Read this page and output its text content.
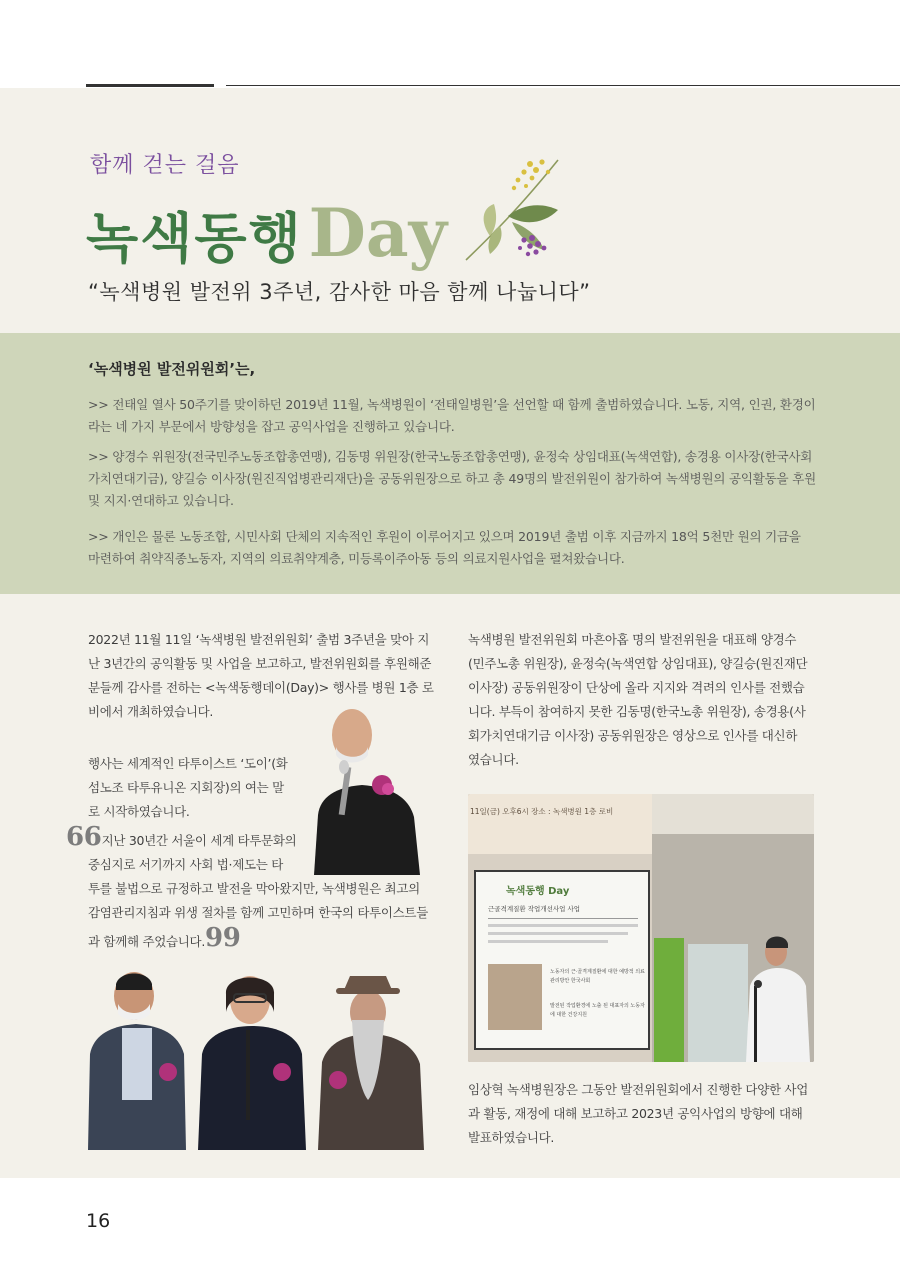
함께 걷는 걸음
녹색동행 Day
“녹색병원 발전위 3주년, 감사한 마음 함께 나눕니다”
‘녹색병원 발전위원회’는,
>> 전태일 열사 50주기를 맞이하던 2019년 11월, 녹색병원이 ‘전태일병원’을 선언할 때 함께 출범하였습니다. 노동, 지역, 인권, 환경이라는 네 가지 부문에서 방향성을 잡고 공익사업을 진행하고 있습니다.
>> 양경수 위원장(전국민주노동조합총연맹), 김동명 위원장(한국노동조합총연맹), 윤정숙 상임대표(녹색연합), 송경용 이사장(한국사회가치연대기금), 양길승 이사장(원진직업병관리재단)을 공동위원장으로 하고 총 49명의 발전위원이 참가하여 녹색병원의 공익활동을 후원 및 지지·연대하고 있습니다.
>> 개인은 물론 노동조합, 시민사회 단체의 지속적인 후원이 이루어지고 있으며 2019년 출범 이후 지금까지 18억 5천만 원의 기금을 마련하여 취약직종노동자, 지역의 의료취약계층, 미등록이주아동 등의 의료지원사업을 펼쳐왔습니다.
2022년 11월 11일 ‘녹색병원 발전위원회’ 출범 3주년을 맞아 지
난 3년간의 공익활동 및 사업을 보고하고, 발전위원회를 후원해준
분들께 감사를 전하는 <녹색동행데이(Day)> 행사를 병원 1층 로
비에서 개최하였습니다.
행사는 세계적인 타투이스트 ‘도이’(화
섬노조 타투유니온 지회장)의 여는 말
로 시작하였습니다.
66지난 30년간 서울이 세계 타투문화의
중심지로 서기까지 사회 법·제도는 타
투를 불법으로 규정하고 발전을 막아왔지만, 녹색병원은 최고의
감염관리지침과 위생 절차를 함께 고민하며 한국의 타투이스트들
과 함께해 주었습니다.99
녹색병원 발전위원회 마흔아홉 명의 발전위원을 대표해 양경수
(민주노총 위원장), 윤정숙(녹색연합 상임대표), 양길승(원진재단
이사장) 공동위원장이 단상에 올라 지지와 격려의 인사를 전했습
니다. 부득이 참여하지 못한 김동명(한국노총 위원장), 송경용(사
회가치연대기금 이사장) 공동위원장은 영상으로 인사를 대신하
였습니다.
11일(금) 오후6시 장소 : 녹색병원 1층 로비
녹색동행 Day
근골격계질환 작업개선사업 사업
노동자의 근·골격계질환에 대한 예방적 의료관리방안 한국사회
발전된 작업환경에 노출 된 대표자의 노동자에 대한 건강지원
임상혁 녹색병원장은 그동안 발전위원회에서 진행한 다양한 사업
과 활동, 재정에 대해 보고하고 2023년 공익사업의 방향에 대해
발표하였습니다.
16
